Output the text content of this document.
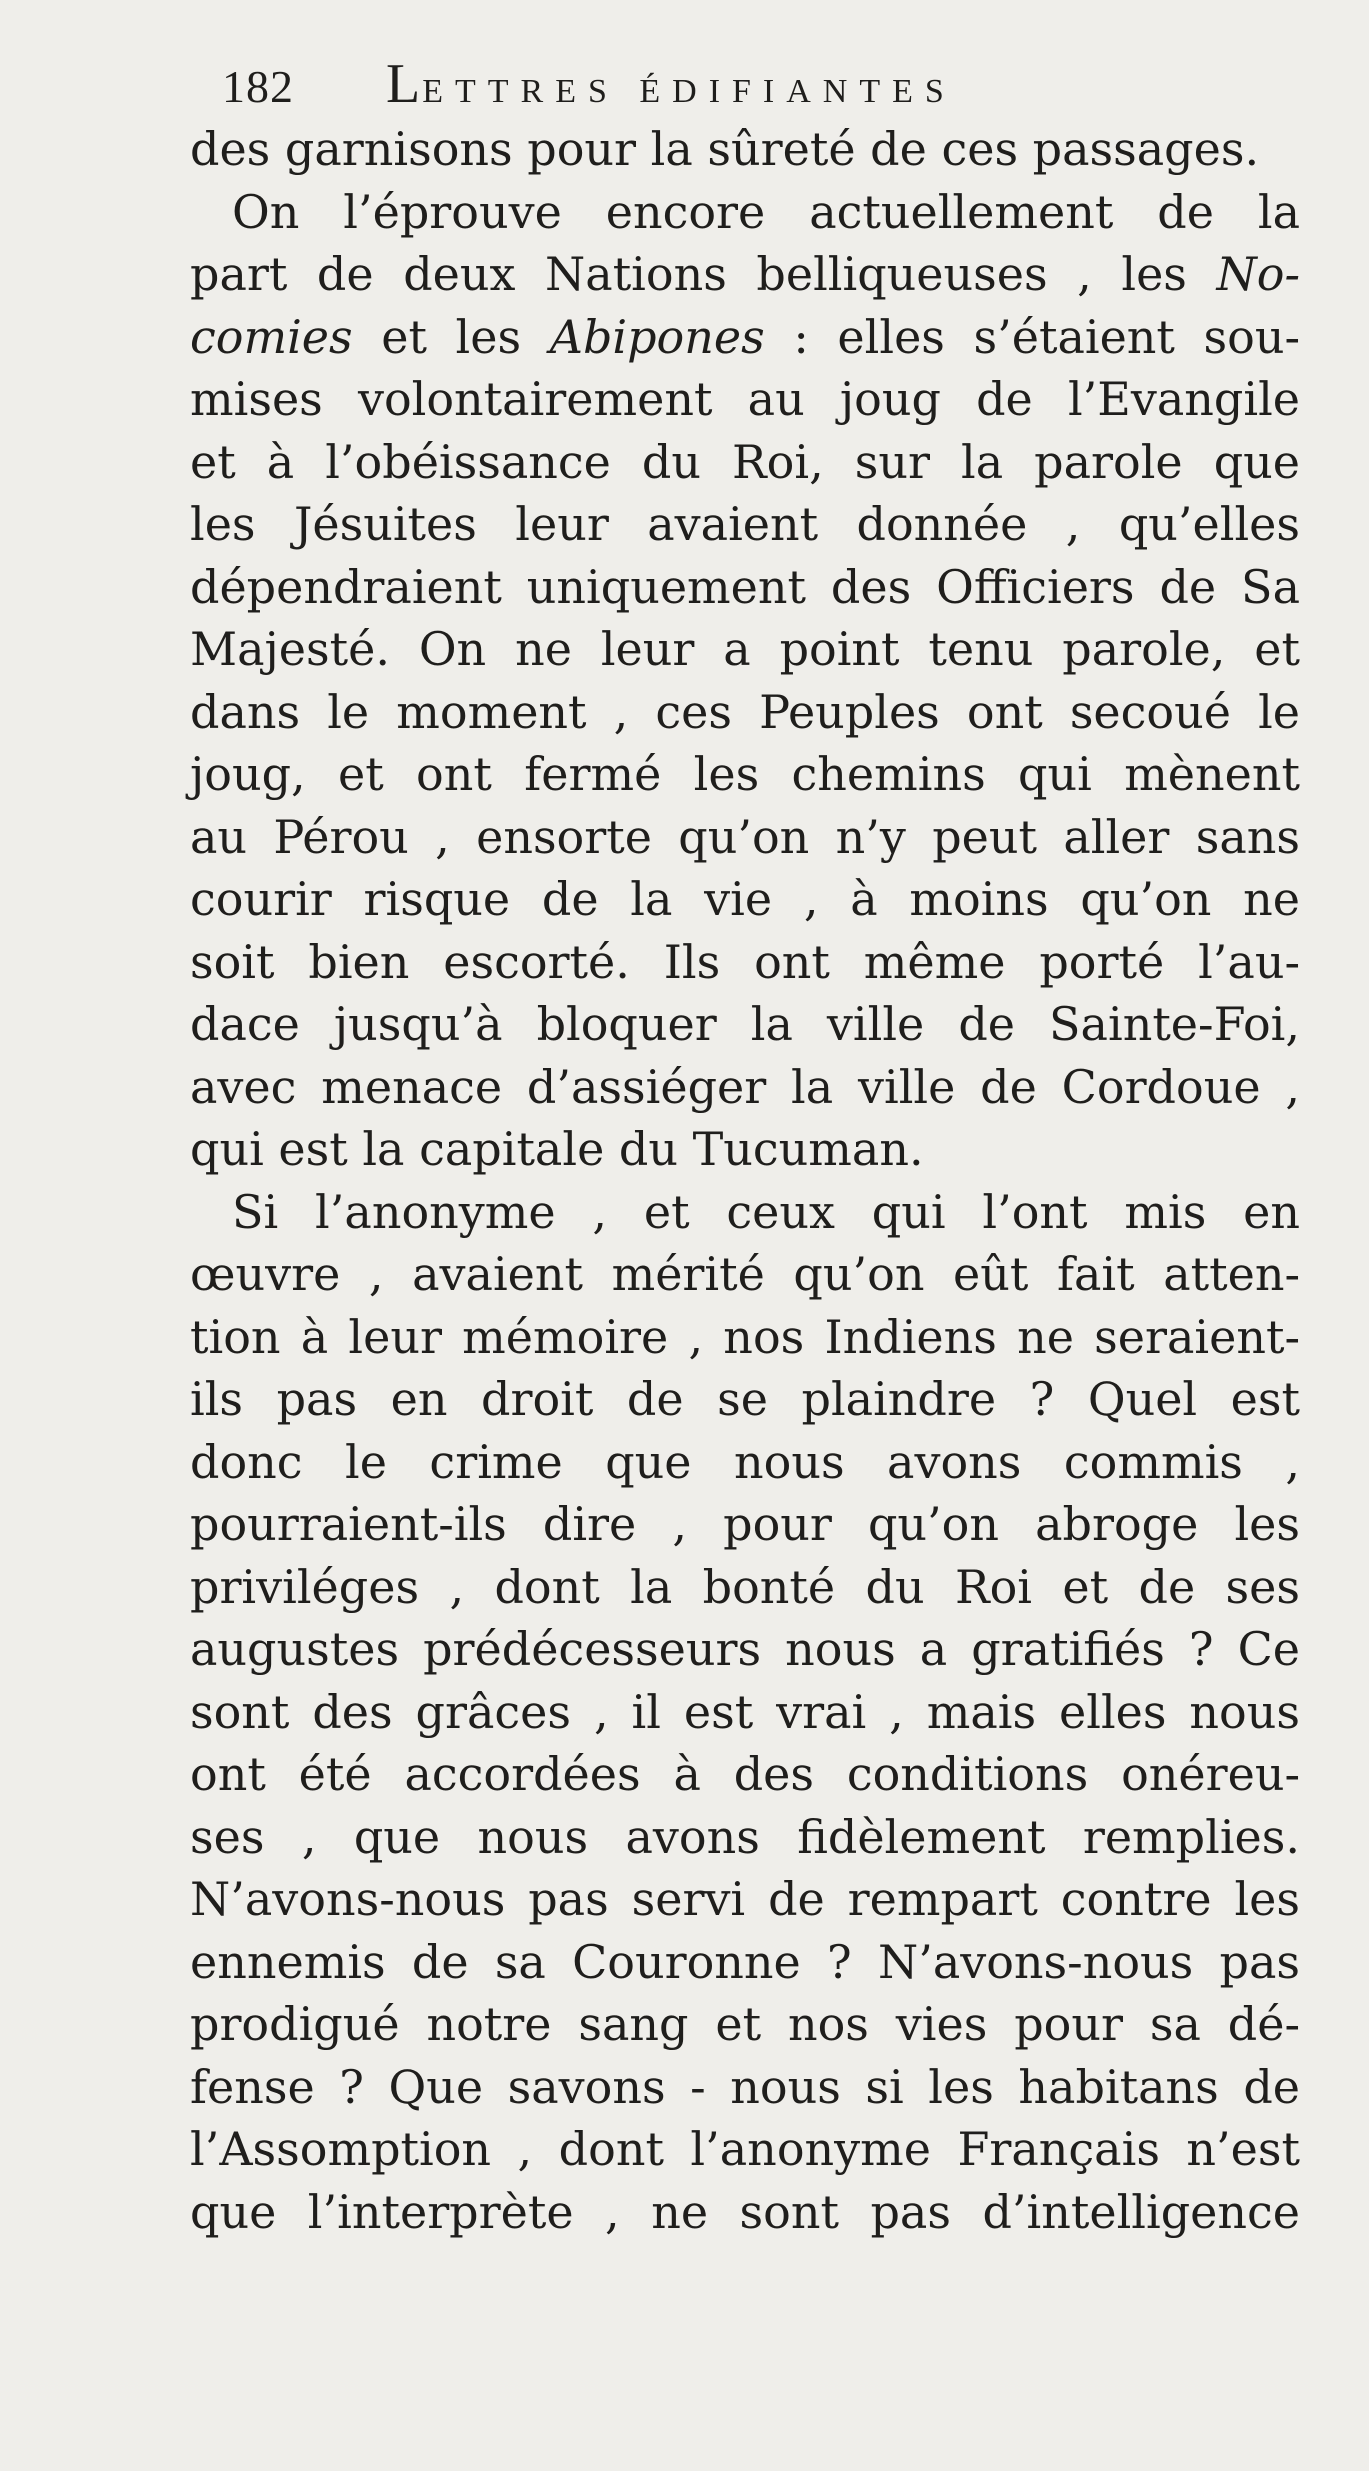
182 LETTRES ÉDIFIANTES
des garnisons pour la sûreté de ces passages.
On l’éprouve encore actuellement de la
part de deux Nations belliqueuses , les No-
comies et les Abipones : elles s’étaient sou-
mises volontairement au joug de l’Evangile
et à l’obéissance du Roi, sur la parole que
les Jésuites leur avaient donnée , qu’elles
dépendraient uniquement des Officiers de Sa
Majesté. On ne leur a point tenu parole, et
dans le moment , ces Peuples ont secoué le
joug, et ont fermé les chemins qui mènent
au Pérou , ensorte qu’on n’y peut aller sans
courir risque de la vie , à moins qu’on ne
soit bien escorté. Ils ont même porté l’au-
dace jusqu’à bloquer la ville de Sainte-Foi,
avec menace d’assiéger la ville de Cordoue ,
qui est la capitale du Tucuman.
Si l’anonyme , et ceux qui l’ont mis en
œuvre , avaient mérité qu’on eût fait atten-
tion à leur mémoire , nos Indiens ne seraient-
ils pas en droit de se plaindre ? Quel est
donc le crime que nous avons commis ,
pourraient-ils dire , pour qu’on abroge les
priviléges , dont la bonté du Roi et de ses
augustes prédécesseurs nous a gratifiés ? Ce
sont des grâces , il est vrai , mais elles nous
ont été accordées à des conditions onéreu-
ses , que nous avons fidèlement remplies.
N’avons-nous pas servi de rempart contre les
ennemis de sa Couronne ? N’avons-nous pas
prodigué notre sang et nos vies pour sa dé-
fense ? Que savons - nous si les habitans de
l’Assomption , dont l’anonyme Français n’est
que l’interprète , ne sont pas d’intelligence
